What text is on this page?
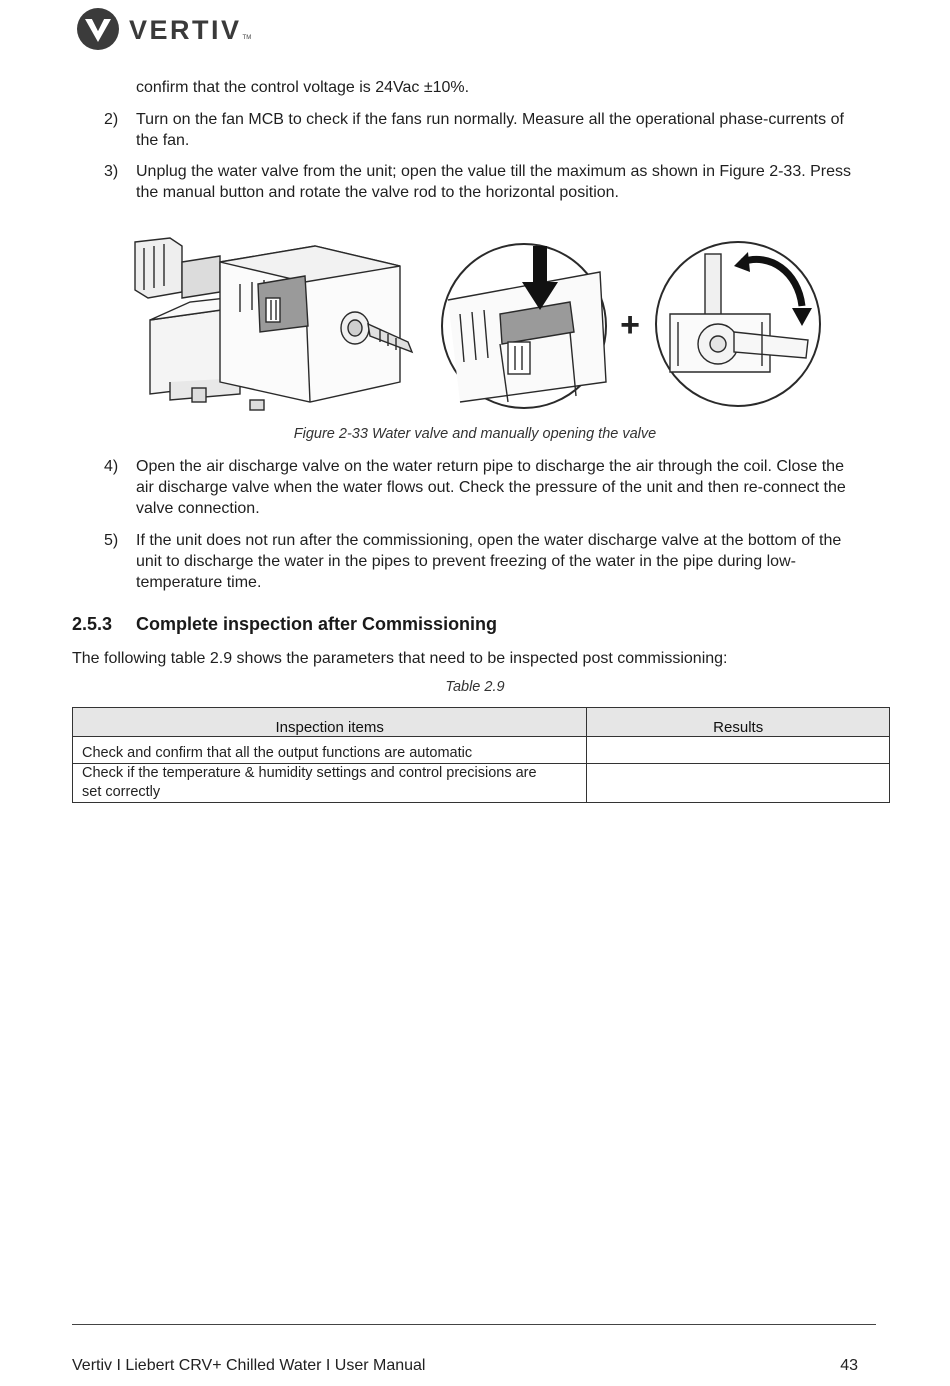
VERTIV TM
confirm that the control voltage is 24Vac ±10%.
2) Turn on the fan MCB to check if the fans run normally. Measure all the operational phase-currents of
the fan.
3) Unplug the water valve from the unit; open the value till the maximum as shown in Figure 2-33. Press
the manual button and rotate the valve rod to the horizontal position.
+
Figure 2-33 Water valve and manually opening the valve
4) Open the air discharge valve on the water return pipe to discharge the air through the coil. Close the
air discharge valve when the water flows out. Check the pressure of the unit and then re-connect the
valve connection.
5) If the unit does not run after the commissioning, open the water discharge valve at the bottom of the
unit to discharge the water in the pipes to prevent freezing of the water in the pipe during low-
temperature time.
2.5.3 Complete inspection after Commissioning
The following table 2.9 shows the parameters that need to be inspected post commissioning:
Table 2.9
Inspection items	Results
Check and confirm that all the output functions are automatic	

Check if the temperature & humidity settings and control precisions are
set correctly	

Vertiv I Liebert CRV+ Chilled Water I User Manual	43
